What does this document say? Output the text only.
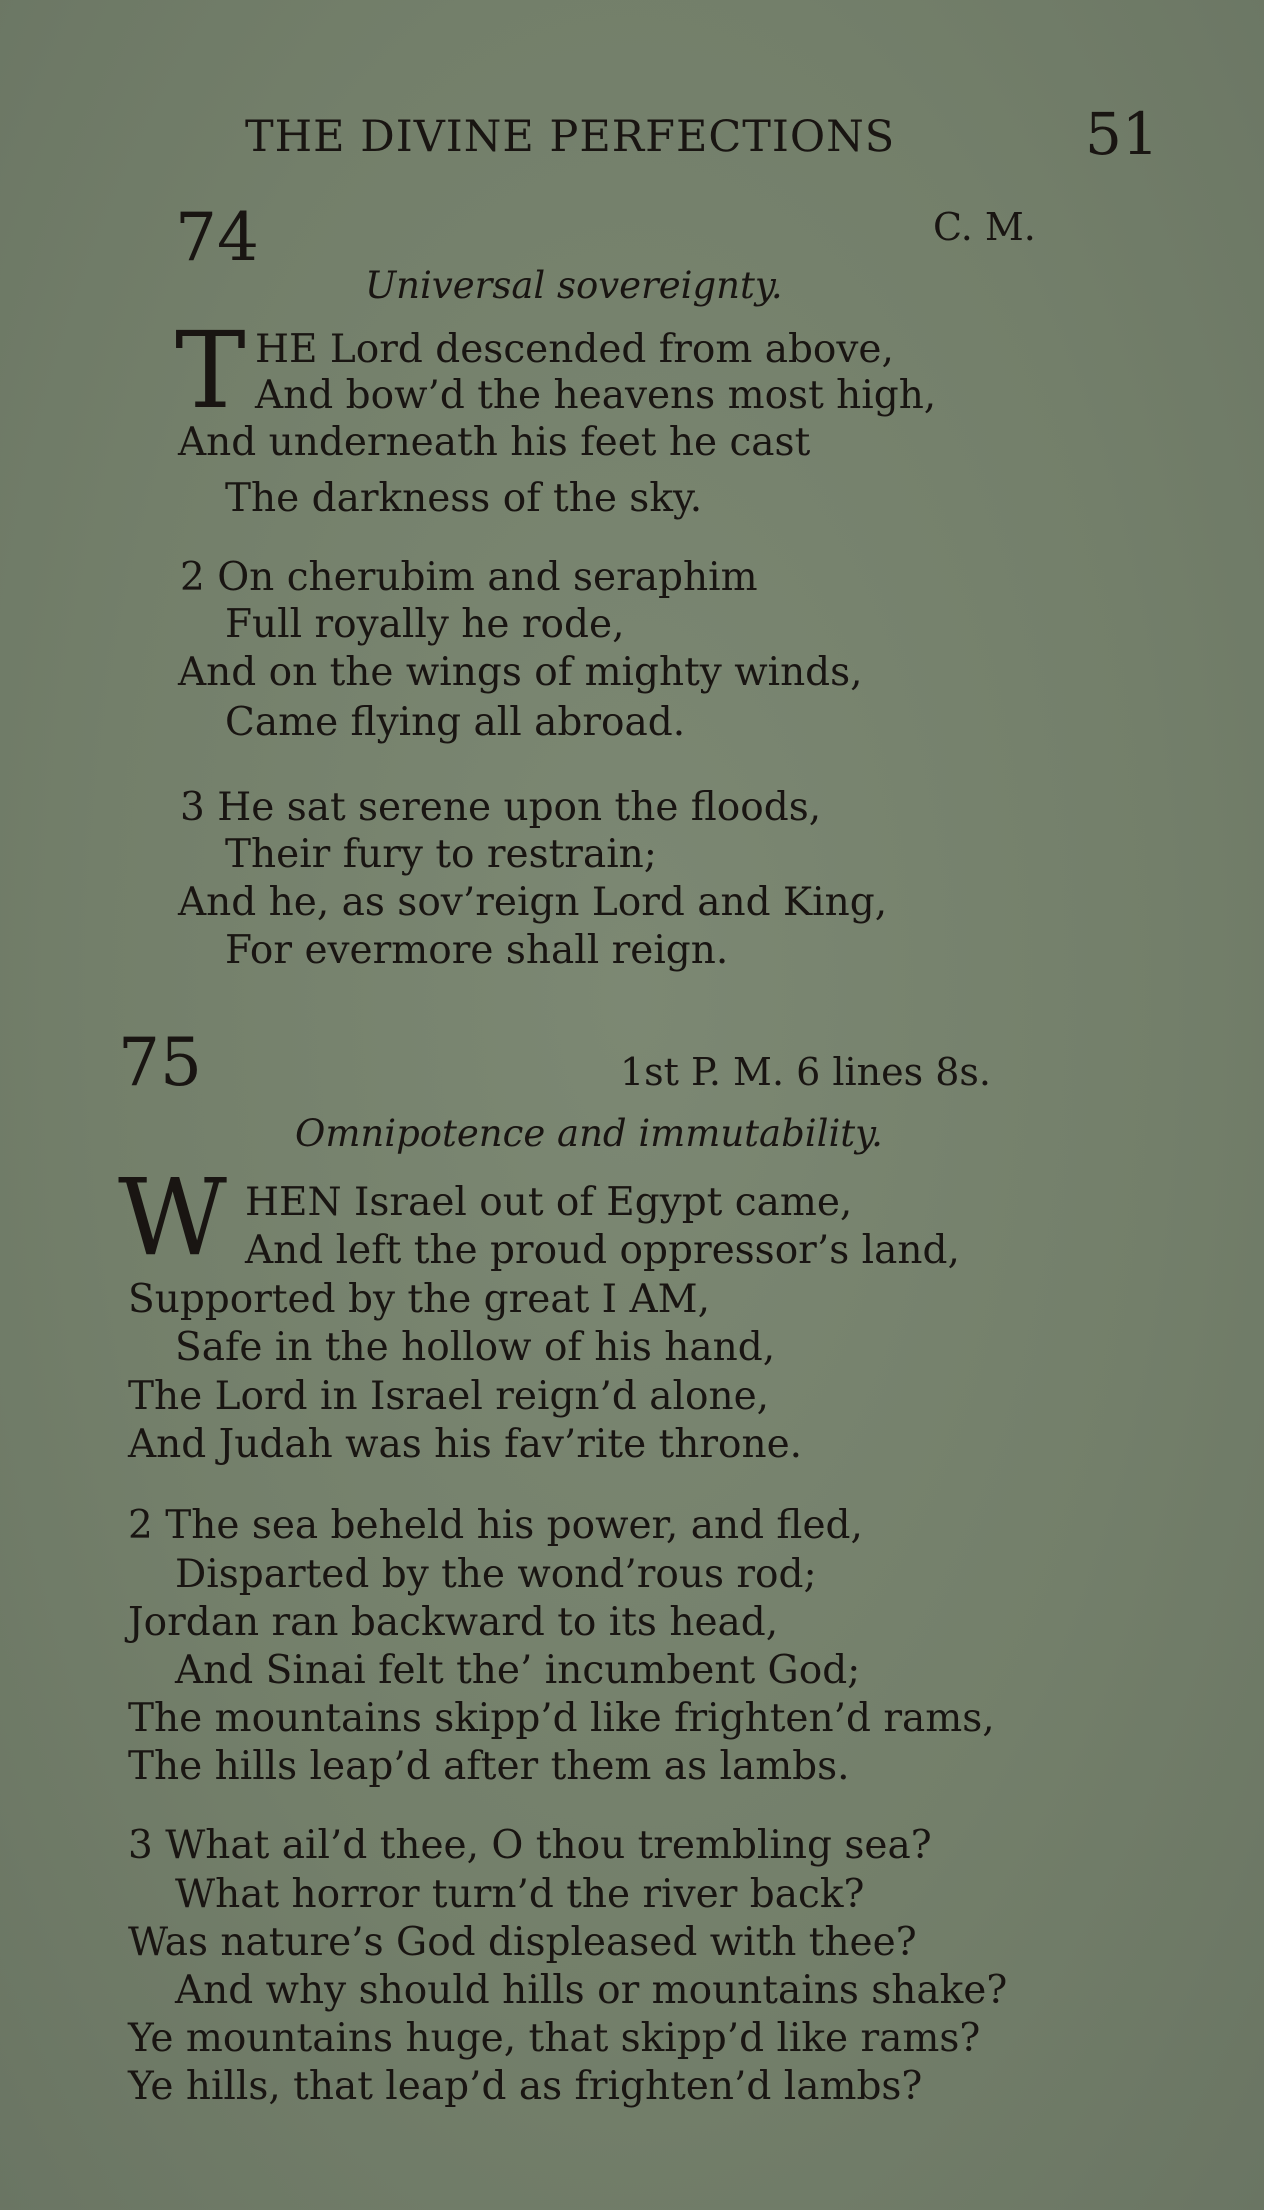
THE DIVINE PERFECTIONS	51
74	C. M.
Universal sovereignty.
T HE Lord descended from above,
And bow’d the heavens most high,
And underneath his feet he cast
The darkness of the sky.
2 On cherubim and seraphim
Full royally he rode,
And on the wings of mighty winds,
Came flying all abroad.
3 He sat serene upon the floods,
Their fury to restrain;
And he, as sov’reign Lord and King,
For evermore shall reign.
75	1st P. M. 6 lines 8s.
Omnipotence and immutability.
W HEN Israel out of Egypt came,
And left the proud oppressor’s land,
Supported by the great I AM,
Safe in the hollow of his hand,
The Lord in Israel reign’d alone,
And Judah was his fav’rite throne.
2 The sea beheld his power, and fled,
Disparted by the wond’rous rod;
Jordan ran backward to its head,
And Sinai felt the’ incumbent God;
The mountains skipp’d like frighten’d rams,
The hills leap’d after them as lambs.
3 What ail’d thee, O thou trembling sea?
What horror turn’d the river back?
Was nature’s God displeased with thee?
And why should hills or mountains shake?
Ye mountains huge, that skipp’d like rams?
Ye hills, that leap’d as frighten’d lambs?
